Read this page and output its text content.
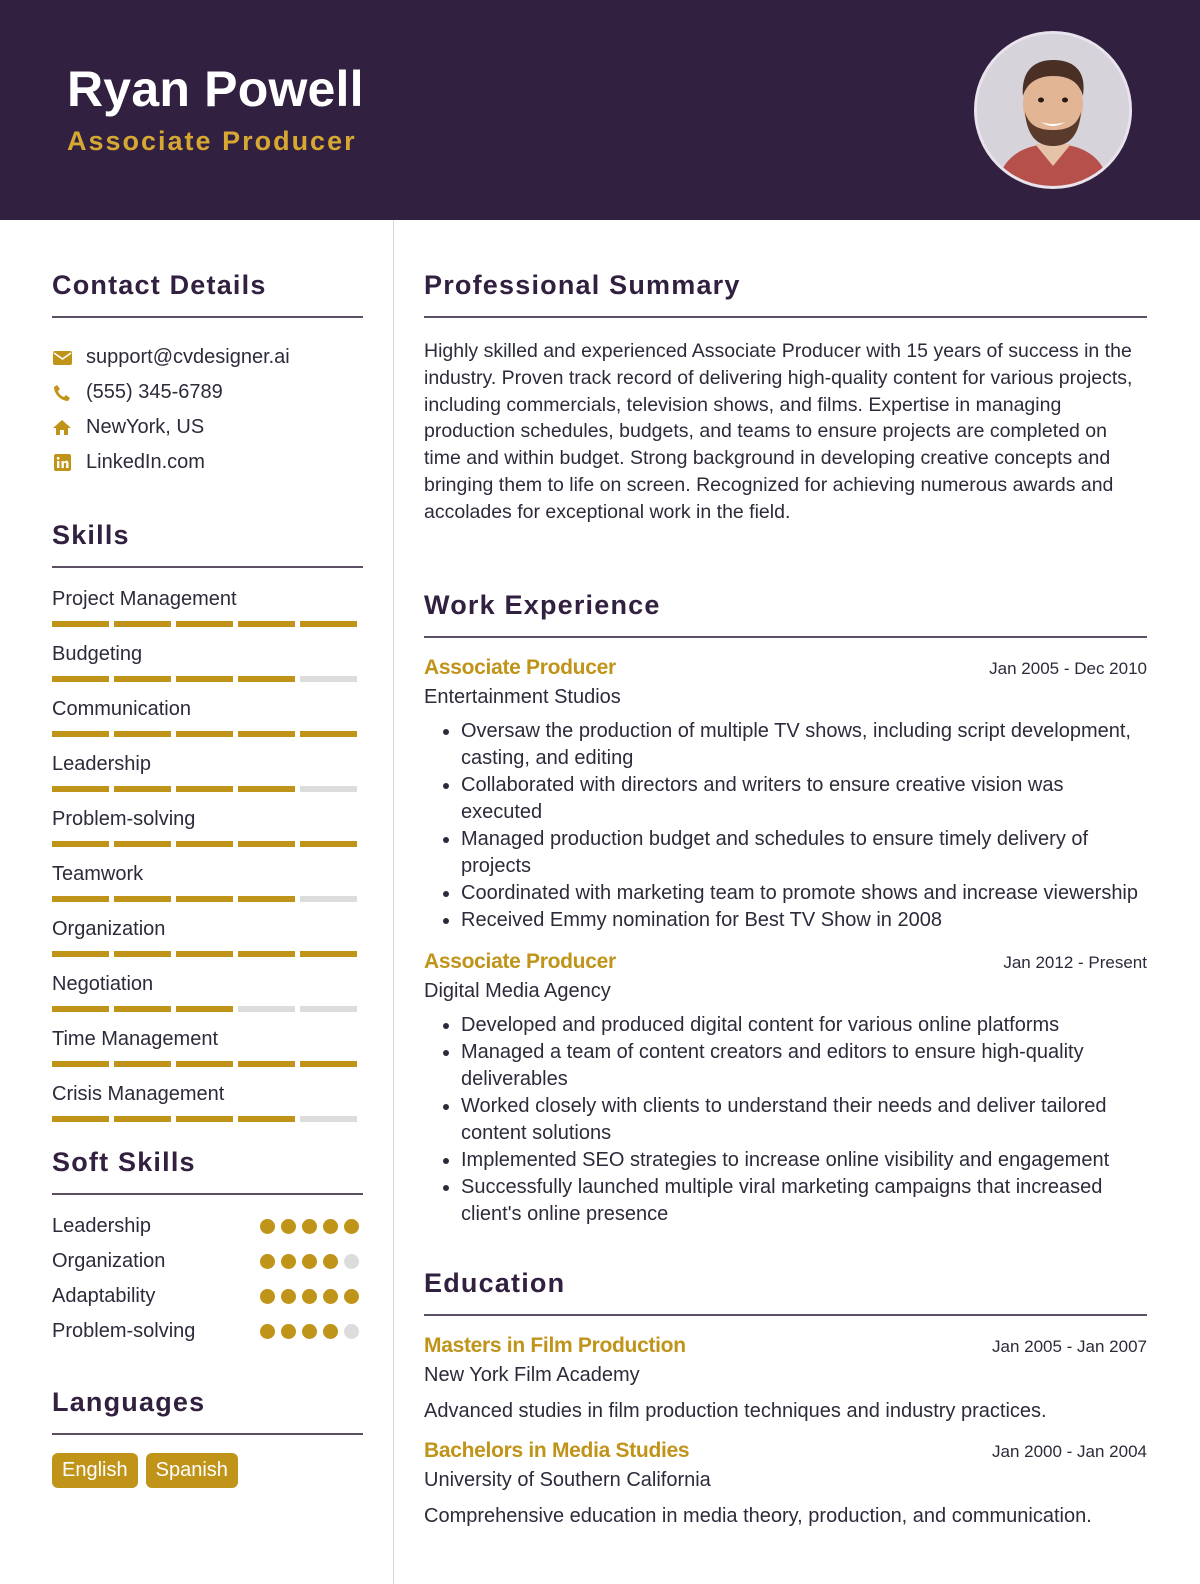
Ryan Powell
Associate Producer
Contact Details
support@cvdesigner.ai
(555) 345-6789
NewYork, US
LinkedIn.com
Skills
Project Management
Budgeting
Communication
Leadership
Problem-solving
Teamwork
Organization
Negotiation
Time Management
Crisis Management
Soft Skills
Leadership
Organization
Adaptability
Problem-solving
Languages
English	Spanish
Professional Summary
Highly skilled and experienced Associate Producer with 15 years of success in the industry. Proven track record of delivering high-quality content for various projects, including commercials, television shows, and films. Expertise in managing production schedules, budgets, and teams to ensure projects are completed on time and within budget. Strong background in developing creative concepts and bringing them to life on screen. Recognized for achieving numerous awards and accolades for exceptional work in the field.
Work Experience
Associate Producer	Jan 2005 - Dec 2010
Entertainment Studios
• Oversaw the production of multiple TV shows, including script development, casting, and editing
• Collaborated with directors and writers to ensure creative vision was executed
• Managed production budget and schedules to ensure timely delivery of projects
• Coordinated with marketing team to promote shows and increase viewership
• Received Emmy nomination for Best TV Show in 2008
Associate Producer	Jan 2012 - Present
Digital Media Agency
• Developed and produced digital content for various online platforms
• Managed a team of content creators and editors to ensure high-quality deliverables
• Worked closely with clients to understand their needs and deliver tailored content solutions
• Implemented SEO strategies to increase online visibility and engagement
• Successfully launched multiple viral marketing campaigns that increased client's online presence
Education
Masters in Film Production	Jan 2005 - Jan 2007
New York Film Academy
Advanced studies in film production techniques and industry practices.
Bachelors in Media Studies	Jan 2000 - Jan 2004
University of Southern California
Comprehensive education in media theory, production, and communication.
